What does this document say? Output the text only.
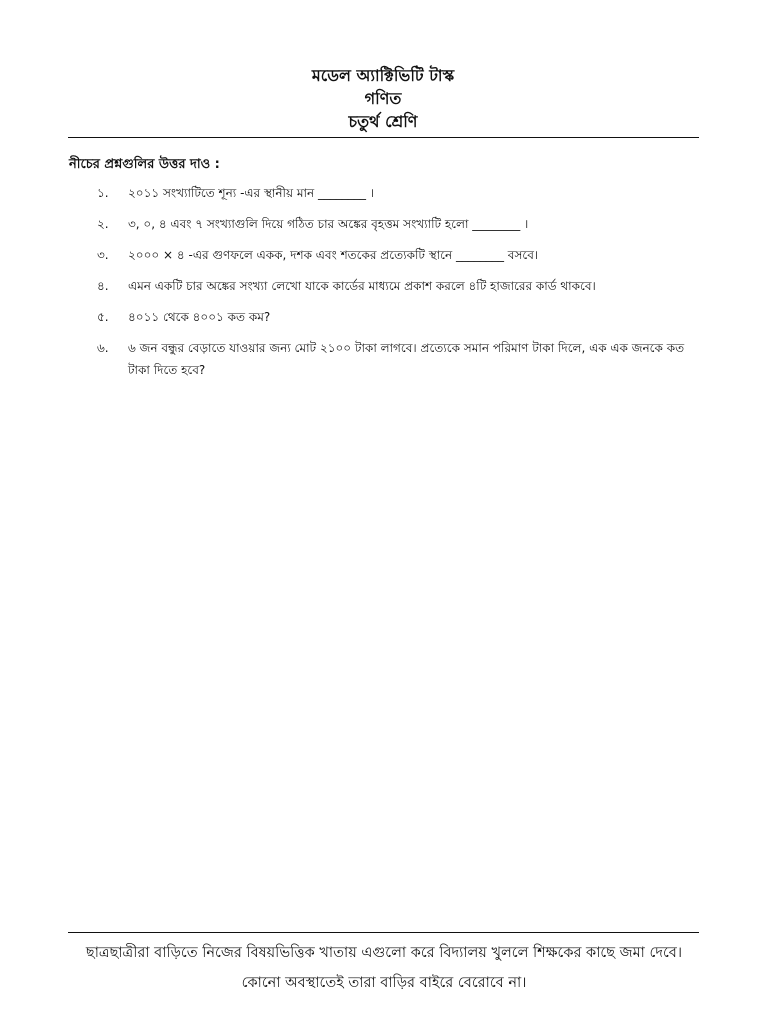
মডেল অ্যাক্টিভিটি টাস্ক
গণিত
চতুর্থ শ্রেণি
নীচের প্রশ্নগুলির উত্তর দাও :
১.	২০১১ সংখ্যাটিতে শূন্য -এর স্থানীয় মান ________ ।
২.	৩, ০, ৪ এবং ৭ সংখ্যাগুলি দিয়ে গঠিত চার অঙ্কের বৃহত্তম সংখ্যাটি হলো ________ ।
৩.	২০০০ × ৪ -এর গুণফলে একক, দশক এবং শতকের প্রত্যেকটি স্থানে ________ বসবে।
৪.	এমন একটি চার অঙ্কের সংখ্যা লেখো যাকে কার্ডের মাধ্যমে প্রকাশ করলে ৪টি হাজারের কার্ড থাকবে।
৫.	৪০১১ থেকে ৪০০১ কত কম?
৬.	৬ জন বন্ধুর বেড়াতে যাওয়ার জন্য মোট ২১০০ টাকা লাগবে। প্রত্যেকে সমান পরিমাণ টাকা দিলে, এক এক জনকে কত টাকা দিতে হবে?
ছাত্রছাত্রীরা বাড়িতে নিজের বিষয়ভিত্তিক খাতায় এগুলো করে বিদ্যালয় খুললে শিক্ষকের কাছে জমা দেবে।
কোনো অবস্থাতেই তারা বাড়ির বাইরে বেরোবে না।
